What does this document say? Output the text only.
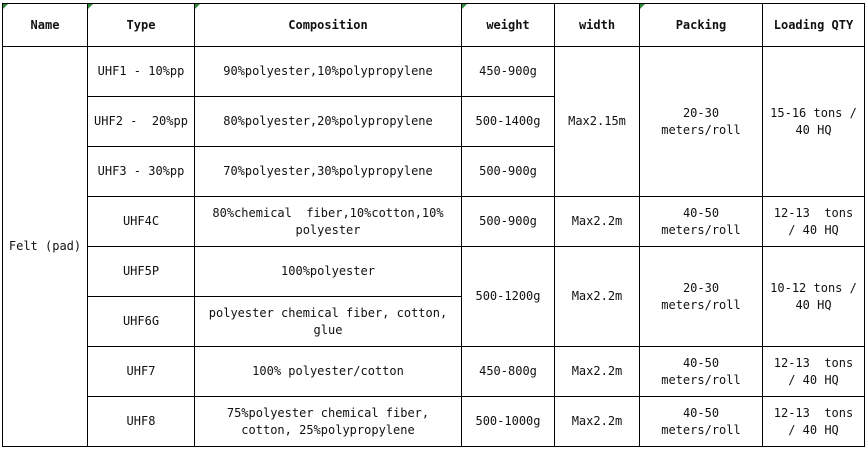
Name	Type	Composition	weight	width	Packing	Loading QTY
Felt (pad)	UHF1 - 10%pp	90%polyester,10%polypropylene	450-900g	Max2.15m	20-30 meters/roll	15-16 tons / 40 HQ
	UHF2 -  20%pp	80%polyester,20%polypropylene	500-1400g			
	UHF3 - 30%pp	70%polyester,30%polypropylene	500-900g			
	UHF4C	80%chemical  fiber,10%cotton,10% polyester	500-900g	Max2.2m	40-50 meters/roll	12-13  tons / 40 HQ
	UHF5P	100%polyester	500-1200g	Max2.2m	20-30 meters/roll	10-12 tons / 40 HQ
	UHF6G	polyester chemical fiber, cotton, glue				
	UHF7	100% polyester/cotton	450-800g	Max2.2m	40-50 meters/roll	12-13  tons / 40 HQ
	UHF8	75%polyester chemical fiber, cotton, 25%polypropylene	500-1000g	Max2.2m	40-50 meters/roll	12-13  tons / 40 HQ
